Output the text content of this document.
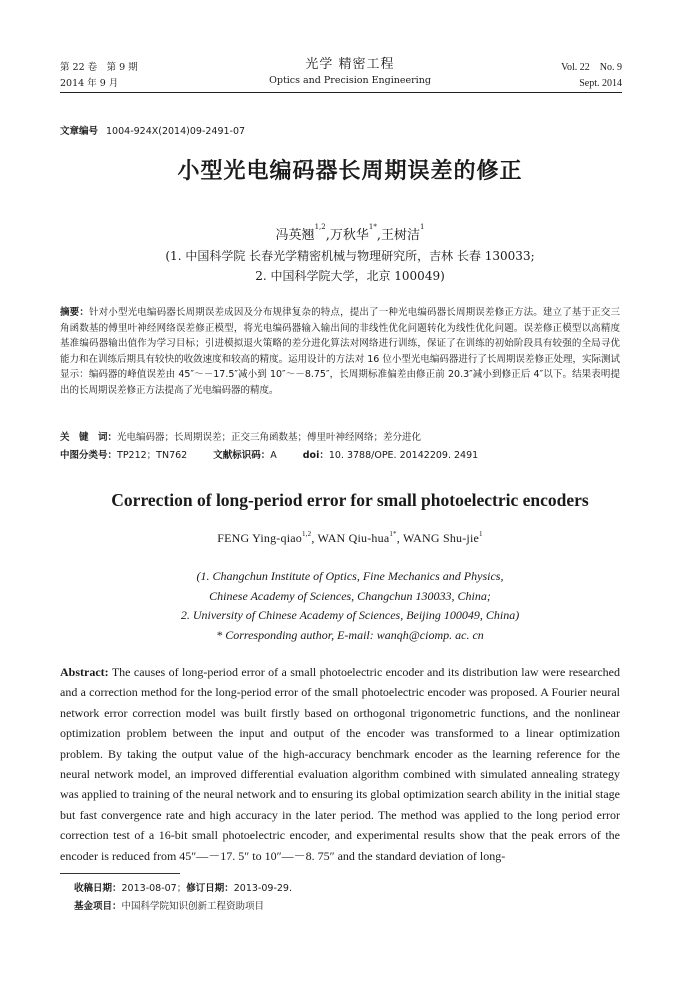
第 22 卷　第 9 期
2014 年 9 月
光学 精密工程
Optics and Precision Engineering
Vol. 22　No. 9
Sept. 2014
文章编号 1004-924X(2014)09-2491-07
小型光电编码器长周期误差的修正
冯英翘$^{1,2}$,万秋华$^{1*}$,王树洁$^1$
(1. 中国科学院 长春光学精密机械与物理研究所，吉林 长春 130033;
2. 中国科学院大学，北京 100049)
摘要：针对小型光电编码器长周期误差成因及分布规律复杂的特点，提出了一种光电编码器长周期误差修正方法。建立了基于正交三角函数基的傅里叶神经网络误差修正模型，将光电编码器输入输出间的非线性优化问题转化为线性优化问题。误差修正模型以高精度基准编码器输出值作为学习目标；引进模拟退火策略的差分进化算法对网络进行训练，保证了在训练的初始阶段具有较强的全局寻优能力和在训练后期具有较快的收敛速度和较高的精度。运用设计的方法对 16 位小型光电编码器进行了长周期误差修正处理，实际测试显示：编码器的峰值误差由 45″～－17.5″减小到 10″～－8.75″，长周期标准偏差由修正前 20.3″减小到修正后 4″以下。结果表明提出的长周期误差修正方法提高了光电编码器的精度。
关　键　词：光电编码器；长周期误差；正交三角函数基；傅里叶神经网络；差分进化
中图分类号：TP212；TN762	文献标识码：A	doi：10. 3788/OPE. 20142209. 2491
Correction of long-period error for small photoelectric encoders
FENG Ying-qiao$^{1,2}$, WAN Qiu-hua$^{1*}$, WANG Shu-jie$^1$
(1. Changchun Institute of Optics, Fine Mechanics and Physics,
Chinese Academy of Sciences, Changchun 130033, China;
2. University of Chinese Academy of Sciences, Beijing 100049, China)
* Corresponding author, E-mail: wanqh@ciomp. ac. cn
Abstract: The causes of long-period error of a small photoelectric encoder and its distribution law were researched and a correction method for the long-period error of the small photoelectric encoder was proposed. A Fourier neural network error correction model was built firstly based on orthogonal trigonometric functions, and the nonlinear optimization problem between the input and output of the encoder was transformed to a linear optimization problem. By taking the output value of the high-accuracy benchmark encoder as the learning reference for the neural network model, an improved differential evaluation algorithm combined with simulated annealing strategy was applied to training of the neural network and to ensuring its global optimization search ability in the initial stage but fast convergence rate and high accuracy in the later period. The method was applied to the long period error correction test of a 16-bit small photoelectric encoder, and experimental results show that the peak errors of the encoder is reduced from 45″—－17. 5″ to 10″—－8. 75″ and the standard deviation of long-
收稿日期：2013-08-07；修订日期：2013-09-29.
基金项目：中国科学院知识创新工程资助项目
